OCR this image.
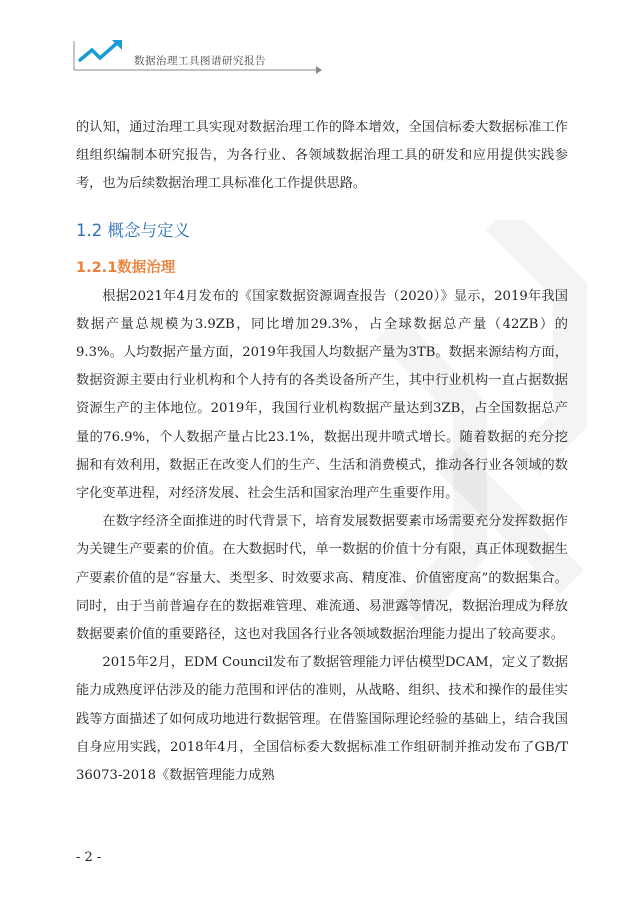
数据治理工具图谱研究报告

的认知，通过治理工具实现对数据治理工作的降本增效，全国信标委大数据标准工作组组织编制本研究报告，为各行业、各领域数据治理工具的研发和应用提供实践参考，也为后续数据治理工具标准化工作提供思路。

1.2 概念与定义
1.2.1数据治理

根据2021年4月发布的《国家数据资源调查报告（2020）》显示，2019年我国数据产量总规模为3.9ZB，同比增加29.3%，占全球数据总产量（42ZB）的9.3%。人均数据产量方面，2019年我国人均数据产量为3TB。数据来源结构方面，数据资源主要由行业机构和个人持有的各类设备所产生，其中行业机构一直占据数据资源生产的主体地位。2019年，我国行业机构数据产量达到3ZB，占全国数据总产量的76.9%，个人数据产量占比23.1%，数据出现井喷式增长。随着数据的充分挖掘和有效利用，数据正在改变人们的生产、生活和消费模式，推动各行业各领域的数字化变革进程，对经济发展、社会生活和国家治理产生重要作用。

在数字经济全面推进的时代背景下，培育发展数据要素市场需要充分发挥数据作为关键生产要素的价值。在大数据时代，单一数据的价值十分有限，真正体现数据生产要素价值的是“容量大、类型多、时效要求高、精度准、价值密度高”的数据集合。同时，由于当前普遍存在的数据难管理、难流通、易泄露等情况，数据治理成为释放数据要素价值的重要路径，这也对我国各行业各领域数据治理能力提出了较高要求。

2015年2月，EDM Council发布了数据管理能力评估模型DCAM，定义了数据能力成熟度评估涉及的能力范围和评估的准则，从战略、组织、技术和操作的最佳实践等方面描述了如何成功地进行数据管理。在借鉴国际理论经验的基础上，结合我国自身应用实践，2018年4月，全国信标委大数据标准工作组研制并推动发布了GB/T 36073-2018《数据管理能力成熟

- 2 -
